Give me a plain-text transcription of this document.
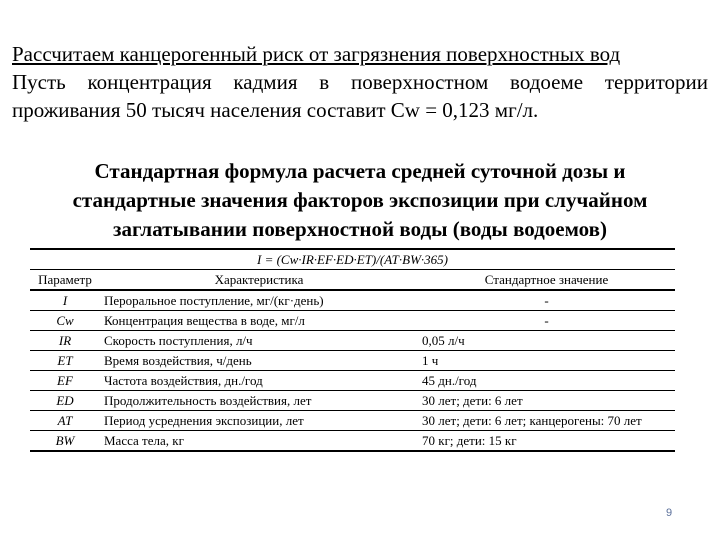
Рассчитаем канцерогенный риск от загрязнения поверхностных вод
Пусть концентрация кадмия в поверхностном водоеме территории
проживания 50 тысяч населения составит Cw = 0,123 мг/л.
Стандартная формула расчета средней суточной дозы и
стандартные значения факторов экспозиции при случайном
заглатывании поверхностной воды (воды водоемов)
I = (Cw·IR·EF·ED·ET)/(AT·BW·365)		
Параметр	Характеристика	Стандартное значение
I	Пероральное поступление, мг/(кг·день)	-
Cw	Концентрация вещества в воде, мг/л	-
IR	Скорость поступления, л/ч	0,05 л/ч
ET	Время воздействия, ч/день	1 ч
EF	Частота воздействия, дн./год	45 дн./год
ED	Продолжительность воздействия, лет	30 лет; дети: 6 лет
AT	Период усреднения экспозиции, лет	30 лет; дети: 6 лет; канцерогены: 70 лет
BW	Масса тела, кг	70 кг; дети: 15 кг
9
